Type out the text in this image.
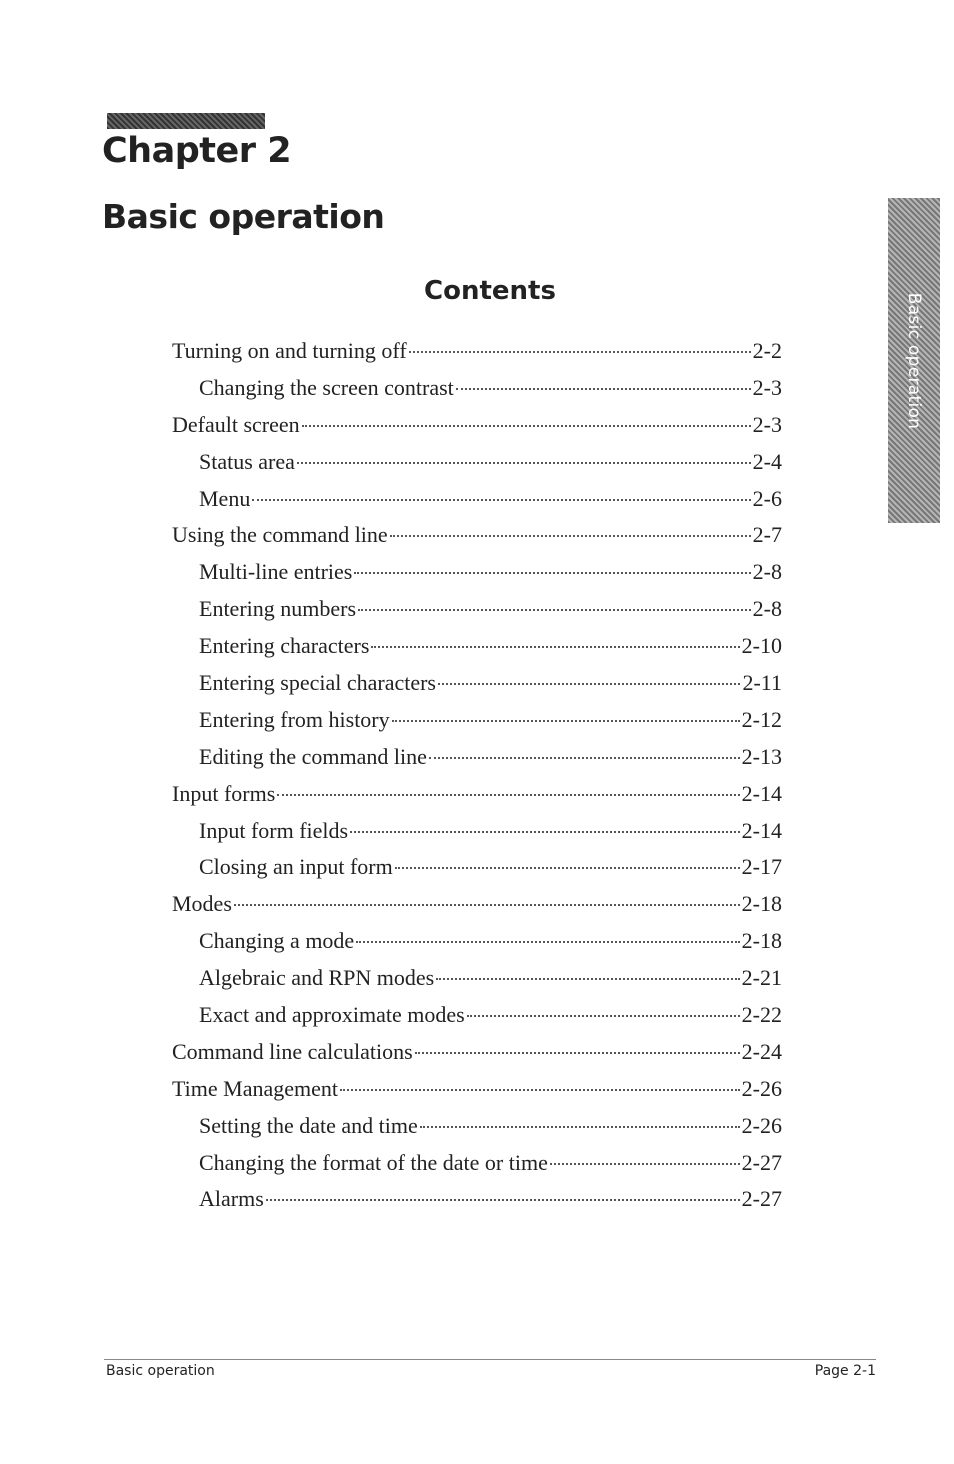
Chapter 2
Basic operation
Contents
Turning on and turning off	2-2
Changing the screen contrast	2-3
Default screen	2-3
Status area	2-4
Menu	2-6
Using the command line	2-7
Multi-line entries	2-8
Entering numbers	2-8
Entering characters	2-10
Entering special characters	2-11
Entering from history	2-12
Editing the command line	2-13
Input forms	2-14
Input form fields	2-14
Closing an input form	2-17
Modes	2-18
Changing a mode	2-18
Algebraic and RPN modes	2-21
Exact and approximate modes	2-22
Command line calculations	2-24
Time Management	2-26
Setting the date and time	2-26
Changing the format of the date or time	2-27
Alarms	2-27
Basic operation
Basic operation	Page 2-1
